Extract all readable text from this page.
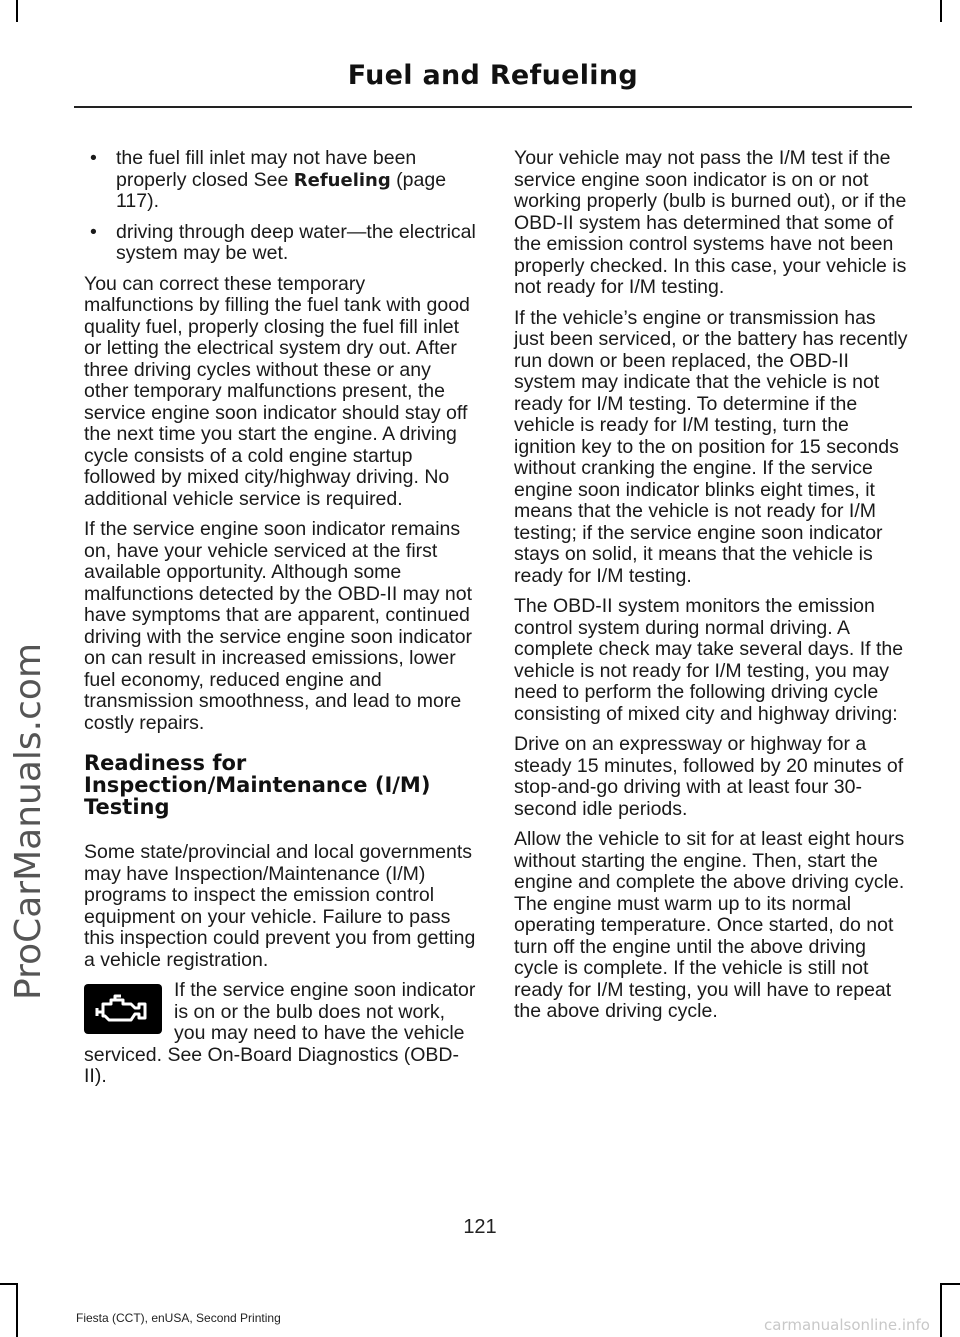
Fuel and Refueling
ProCarManuals.com
• the fuel fill inlet may not have been properly closed See Refueling (page 117).
• driving through deep water—the electrical system may be wet.

You can correct these temporary malfunctions by filling the fuel tank with good quality fuel, properly closing the fuel fill inlet or letting the electrical system dry out. After three driving cycles without these or any other temporary malfunctions present, the service engine soon indicator should stay off the next time you start the engine. A driving cycle consists of a cold engine startup followed by mixed city/highway driving. No additional vehicle service is required.

If the service engine soon indicator remains on, have your vehicle serviced at the first available opportunity. Although some malfunctions detected by the OBD-II may not have symptoms that are apparent, continued driving with the service engine soon indicator on can result in increased emissions, lower fuel economy, reduced engine and transmission smoothness, and lead to more costly repairs.

Readiness for Inspection/Maintenance (I/M) Testing

Some state/provincial and local governments may have Inspection/Maintenance (I/M) programs to inspect the emission control equipment on your vehicle. Failure to pass this inspection could prevent you from getting a vehicle registration.

If the service engine soon indicator is on or the bulb does not work, you may need to have the vehicle serviced. See On-Board Diagnostics (OBD-II).

Your vehicle may not pass the I/M test if the service engine soon indicator is on or not working properly (bulb is burned out), or if the OBD-II system has determined that some of the emission control systems have not been properly checked. In this case, your vehicle is not ready for I/M testing.

If the vehicle’s engine or transmission has just been serviced, or the battery has recently run down or been replaced, the OBD-II system may indicate that the vehicle is not ready for I/M testing. To determine if the vehicle is ready for I/M testing, turn the ignition key to the on position for 15 seconds without cranking the engine. If the service engine soon indicator blinks eight times, it means that the vehicle is not ready for I/M testing; if the service engine soon indicator stays on solid, it means that the vehicle is ready for I/M testing.

The OBD-II system monitors the emission control system during normal driving. A complete check may take several days. If the vehicle is not ready for I/M testing, you may need to perform the following driving cycle consisting of mixed city and highway driving:

Drive on an expressway or highway for a steady 15 minutes, followed by 20 minutes of stop-and-go driving with at least four 30-second idle periods.

Allow the vehicle to sit for at least eight hours without starting the engine. Then, start the engine and complete the above driving cycle. The engine must warm up to its normal operating temperature. Once started, do not turn off the engine until the above driving cycle is complete. If the vehicle is still not ready for I/M testing, you will have to repeat the above driving cycle.

121
Fiesta (CCT), enUSA, Second Printing	carmanualsonline.info
